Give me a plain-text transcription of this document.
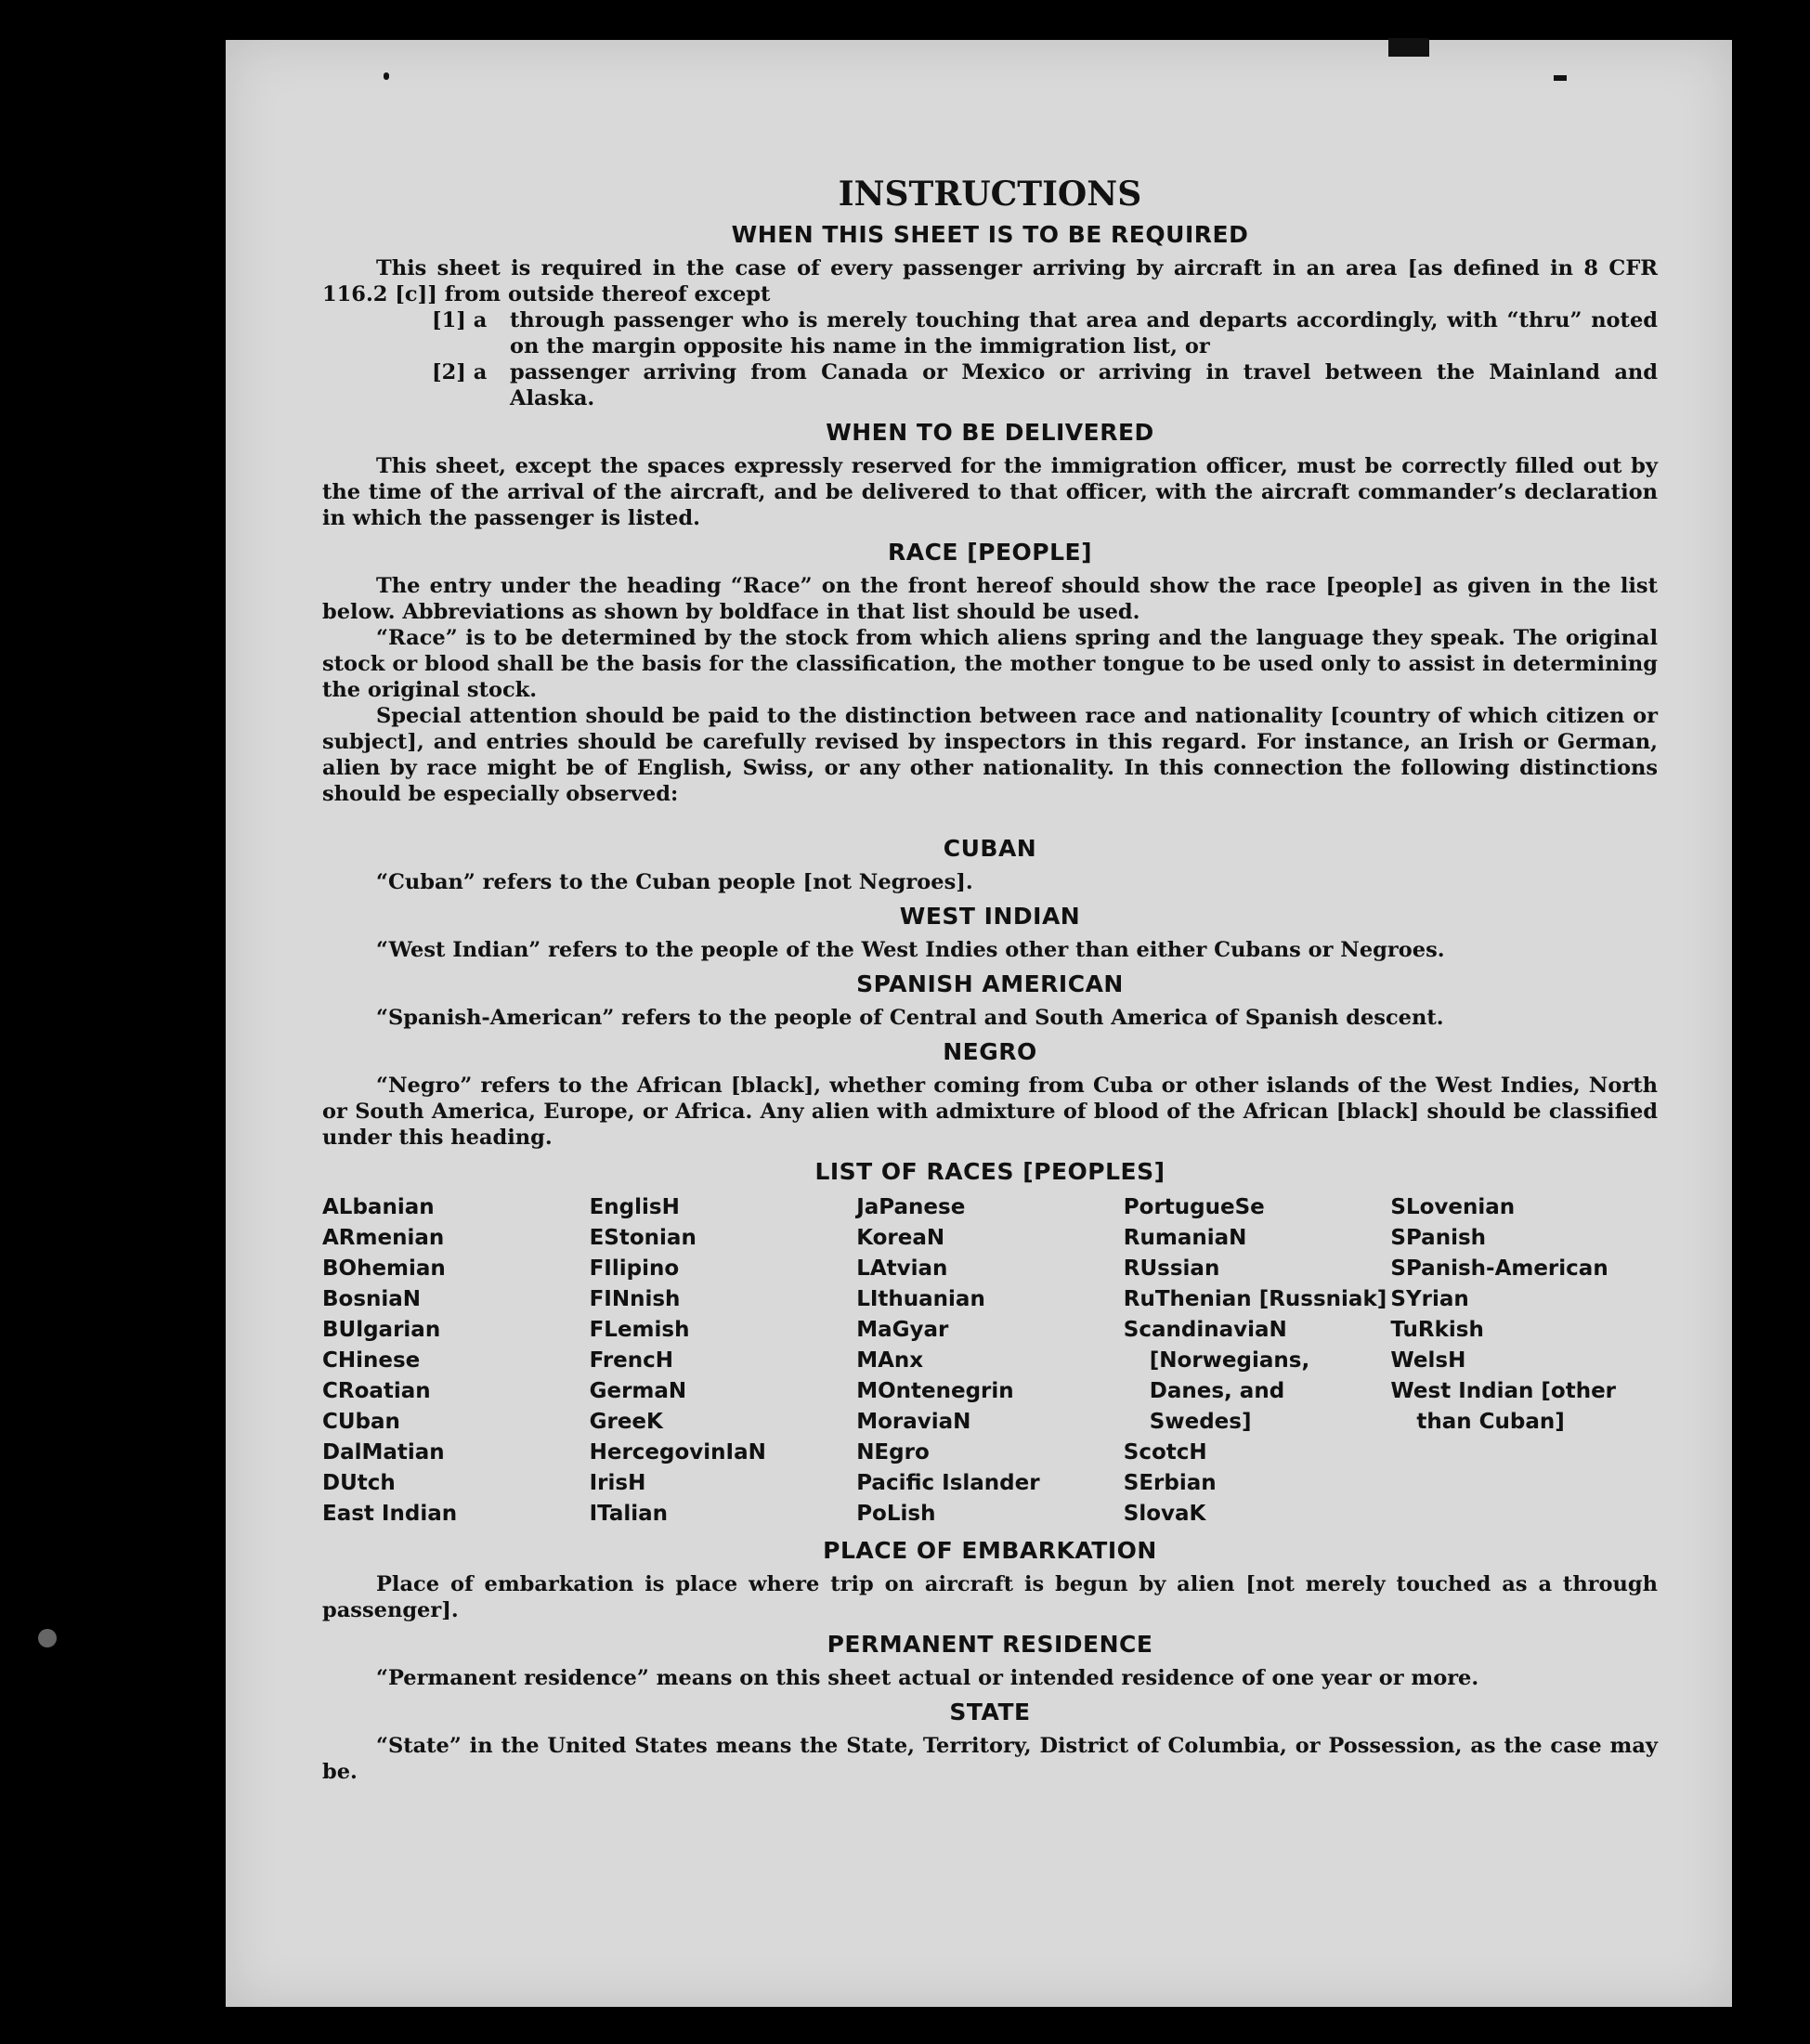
INSTRUCTIONS
WHEN THIS SHEET IS TO BE REQUIRED

This sheet is required in the case of every passenger arriving by aircraft in an area [as defined in 8 CFR 116.2 [c]] from outside thereof except

[1] a through passenger who is merely touching that area and departs accordingly, with “thru” noted on the margin opposite his name in the immigration list, or
[2] a passenger arriving from Canada or Mexico or arriving in travel between the Mainland and Alaska.
WHEN TO BE DELIVERED

This sheet, except the spaces expressly reserved for the immigration officer, must be correctly filled out by the time of the arrival of the aircraft, and be delivered to that officer, with the aircraft commander’s declaration in which the passenger is listed.

RACE [PEOPLE]

The entry under the heading “Race” on the front hereof should show the race [people] as given in the list below. Abbreviations as shown by boldface in that list should be used.

“Race” is to be determined by the stock from which aliens spring and the language they speak. The original stock or blood shall be the basis for the classification, the mother tongue to be used only to assist in determining the original stock.

Special attention should be paid to the distinction between race and nationality [country of which citizen or subject], and entries should be carefully revised by inspectors in this regard. For instance, an Irish or German, alien by race might be of English, Swiss, or any other nationality. In this connection the following distinctions should be especially observed:

CUBAN

“Cuban” refers to the Cuban people [not Negroes].

WEST INDIAN

“West Indian” refers to the people of the West Indies other than either Cubans or Negroes.

SPANISH AMERICAN

“Spanish-American” refers to the people of Central and South America of Spanish descent.

NEGRO

“Negro” refers to the African [black], whether coming from Cuba or other islands of the West Indies, North or South America, Europe, or Africa. Any alien with admixture of blood of the African [black] should be classified under this heading.

LIST OF RACES [PEOPLES]
ALbanian
ARmenian
BOhemian
BosniaN
BUlgarian
CHinese
CRoatian
CUban
DalMatian
DUtch
East Indian
EnglisH
EStonian
FIlipino
FINnish
FLemish
FrencH
GermaN
GreeK
HercegovinIaN
IrisH
ITalian
JaPanese
KoreaN
LAtvian
LIthuanian
MaGyar
MAnx
MOntenegrin
MoraviaN
NEgro
Pacific Islander
PoLish
PortugueSe
RumaniaN
RUssian
RuThenian [Russniak]
ScandinaviaN [Norwegians, Danes, and Swedes]
ScotcH
SErbian
SlovaK
SLovenian
SPanish
SPanish-American
SYrian
TuRkish
WelsH
West Indian [other than Cuban]
PLACE OF EMBARKATION

Place of embarkation is place where trip on aircraft is begun by alien [not merely touched as a through passenger].

PERMANENT RESIDENCE

“Permanent residence” means on this sheet actual or intended residence of one year or more.

STATE

“State” in the United States means the State, Territory, District of Columbia, or Possession, as the case may be.
